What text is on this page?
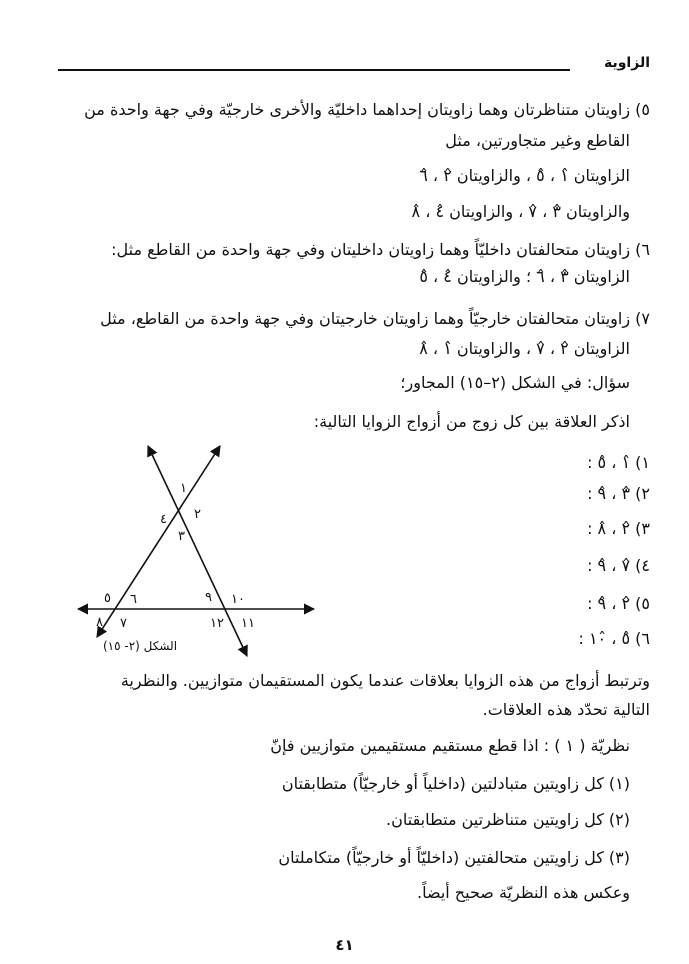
الزاوية
٥) زاويتان متناظرتان وهما زاويتان إحداهما داخليّة والأخرى خارجيّة وفي جهة واحدة من
القاطع وغير متجاورتين، مثل
الزاويتان ١̂ ، ٥̂ ، والزاويتان ٢̂ ، ٦̂
والزاويتان ٣̂ ، ٧̂ ، والزاويتان ٤̂ ، ٨̂
٦) زاويتان متحالفتان داخليّاً وهما زاويتان داخليتان وفي جهة واحدة من القاطع مثل:
الزاويتان ٣̂ ، ٦̂ ؛ والزاويتان ٤̂ ، ٥̂
٧) زاويتان متحالفتان خارجيّاً وهما زاويتان خارجيتان وفي جهة واحدة من القاطع، مثل
الزاويتان ٢̂ ، ٧̂ ، والزاويتان ١̂ ، ٨̂
سؤال: في الشكل (٢–١٥) المجاور؛
اذكر العلاقة بين كل زوج من أزواج الزوايا التالية:
١) ١̂ ، ٥̂ :
٢) ٣̂ ، ٩̂ :
٣) ٢̂ ، ٨̂ :
٤) ٧̂ ، ٩̂ :
٥) ٢̂ ، ٩̂ :
٦) ٥̂ ، ١٠̂ :
١
٢
٣
٤
٥ ٦
٧
٨
٩ ١٠
١١
١٢
الشكل (٢- ١٥)
وترتبط أزواج من هذه الزوايا بعلاقات عندما يكون المستقيمان متوازيين. والنظرية
التالية تحدّد هذه العلاقات.
نظريّة ( ١ ) : اذا قطع مستقيم مستقيمين متوازيين فإنّ
(١) كل زاويتين متبادلتين (داخلياً أو خارجيّاً) متطابقتان
(٢) كل زاويتين متناظرتين متطابقتان.
(٣) كل زاويتين متحالفتين (داخليّاً أو خارجيّاً) متكاملتان
وعكس هذه النظريّة صحيح أيضاً.
٤١
